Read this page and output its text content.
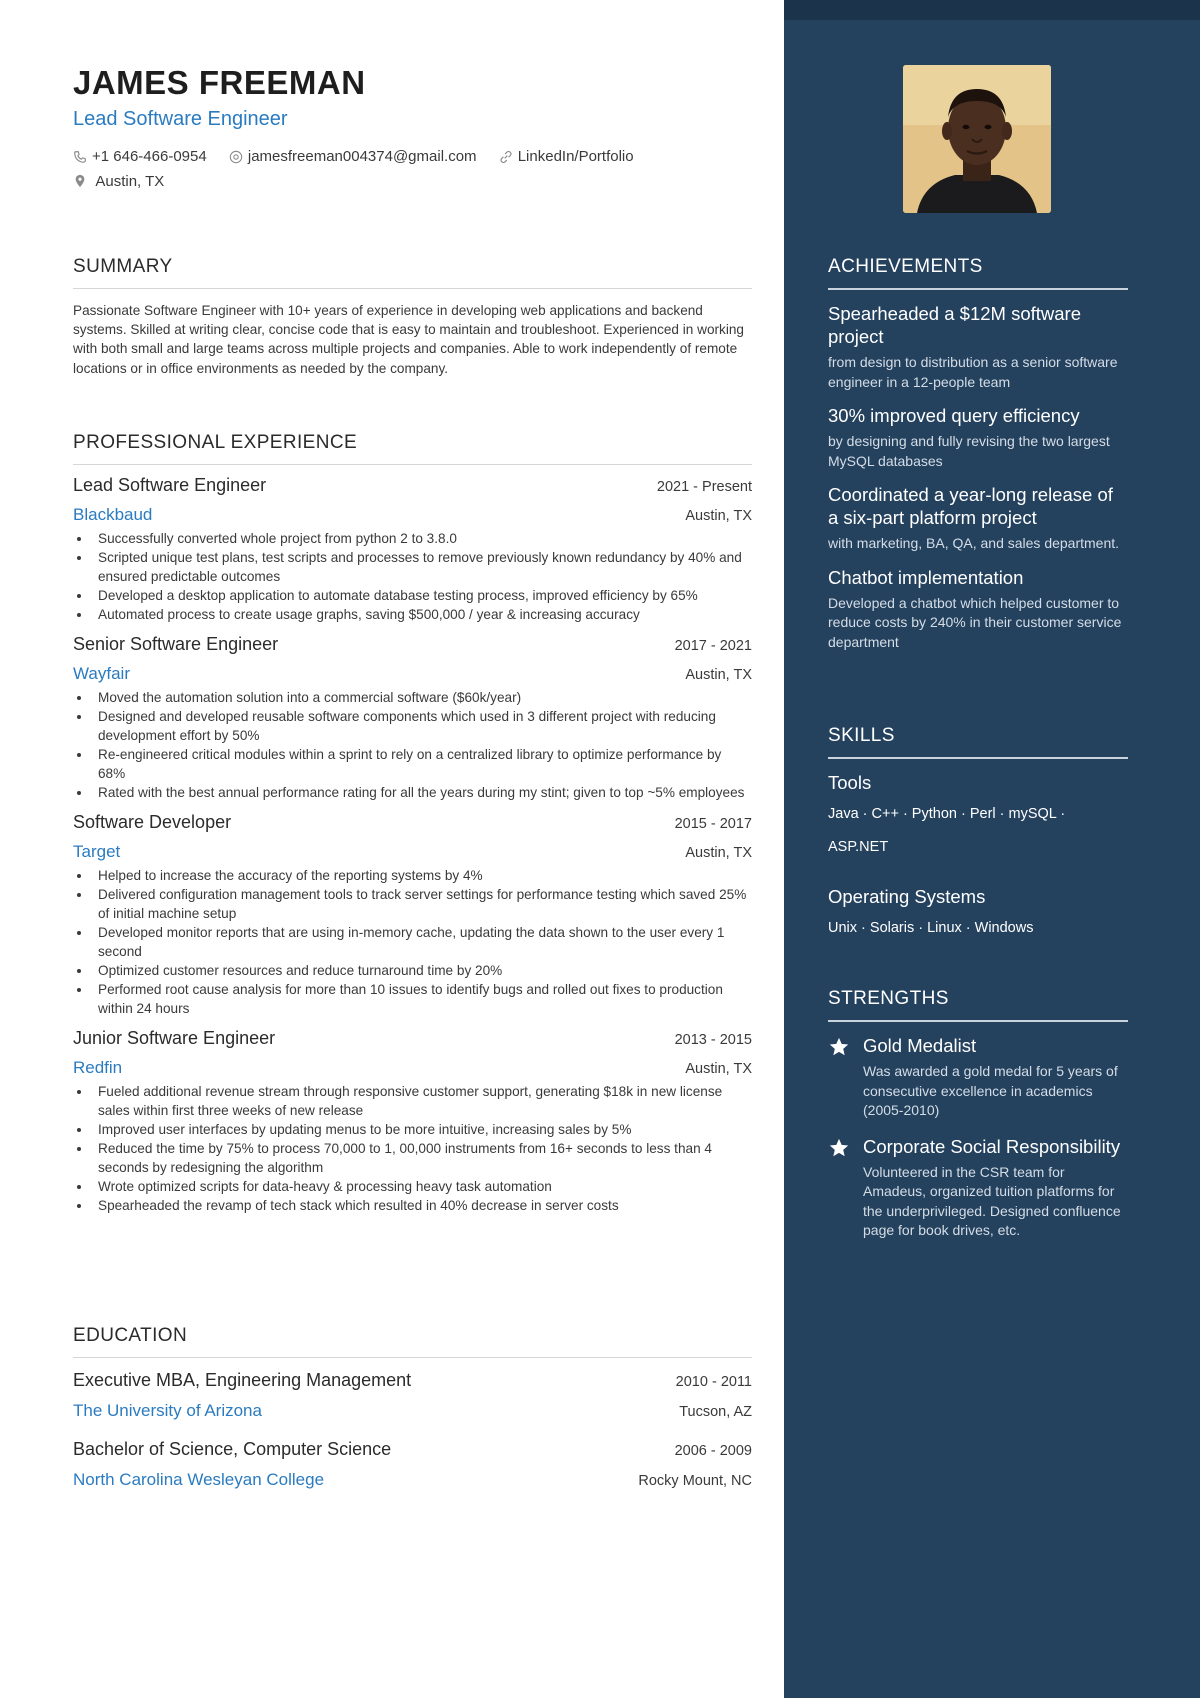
JAMES FREEMAN
Lead Software Engineer
+1 646-466-0954
	jamesfreeman004374@gmail.com
	LinkedIn/Portfolio
Austin, TX
SUMMARY
Passionate Software Engineer with 10+ years of experience in developing web applications and backend systems. Skilled at writing clear, concise code that is easy to maintain and troubleshoot. Experienced in working with both small and large teams across multiple projects and companies. Able to work independently of remote locations or in office environments as needed by the company.
PROFESSIONAL EXPERIENCE
Lead Software Engineer	2021 - Present
Blackbaud	Austin, TX
Successfully converted whole project from python 2 to 3.8.0
Scripted unique test plans, test scripts and processes to remove previously known redundancy by 40% and ensured predictable outcomes
Developed a desktop application to automate database testing process, improved efficiency by 65%
Automated process to create usage graphs, saving $500,000 / year & increasing accuracy
Senior Software Engineer	2017 - 2021
Wayfair	Austin, TX
Moved the automation solution into a commercial software ($60k/year)
Designed and developed reusable software components which used in 3 different project with reducing development effort by 50%
Re-engineered critical modules within a sprint to rely on a centralized library to optimize performance by 68%
Rated with the best annual performance rating for all the years during my stint; given to top ~5% employees
Software Developer	2015 - 2017
Target	Austin, TX
Helped to increase the accuracy of the reporting systems by 4%
Delivered configuration management tools to track server settings for performance testing which saved 25% of initial machine setup
Developed monitor reports that are using in-memory cache, updating the data shown to the user every 1 second
Optimized customer resources and reduce turnaround time by 20%
Performed root cause analysis for more than 10 issues to identify bugs and rolled out fixes to production within 24 hours
Junior Software Engineer	2013 - 2015
Redfin	Austin, TX
Fueled additional revenue stream through responsive customer support, generating $18k in new license sales within first three weeks of new release
Improved user interfaces by updating menus to be more intuitive, increasing sales by 5%
Reduced the time by 75% to process 70,000 to 1, 00,000 instruments from 16+ seconds to less than 4 seconds by redesigning the algorithm
Wrote optimized scripts for data-heavy & processing heavy task automation
Spearheaded the revamp of tech stack which resulted in 40% decrease in server costs
EDUCATION
Executive MBA, Engineering Management	2010 - 2011
The University of Arizona	Tucson, AZ
Bachelor of Science, Computer Science	2006 - 2009
North Carolina Wesleyan College	Rocky Mount, NC
ACHIEVEMENTS
Spearheaded a $12M software project
from design to distribution as a senior software engineer in a 12-people team
30% improved query efficiency
by designing and fully revising the two largest MySQL databases
Coordinated a year-long release of a six-part platform project
with marketing, BA, QA, and sales department.
Chatbot implementation
Developed a chatbot which helped customer to reduce costs by 240% in their customer service department
SKILLS
Tools
Java · C++ · Python · Perl · mySQL · ASP.NET
Operating Systems
Unix · Solaris · Linux · Windows
STRENGTHS
Gold Medalist
Was awarded a gold medal for 5 years of consecutive excellence in academics (2005-2010)
Corporate Social Responsibility
Volunteered in the CSR team for Amadeus, organized tuition platforms for the underprivileged. Designed confluence page for book drives, etc.
